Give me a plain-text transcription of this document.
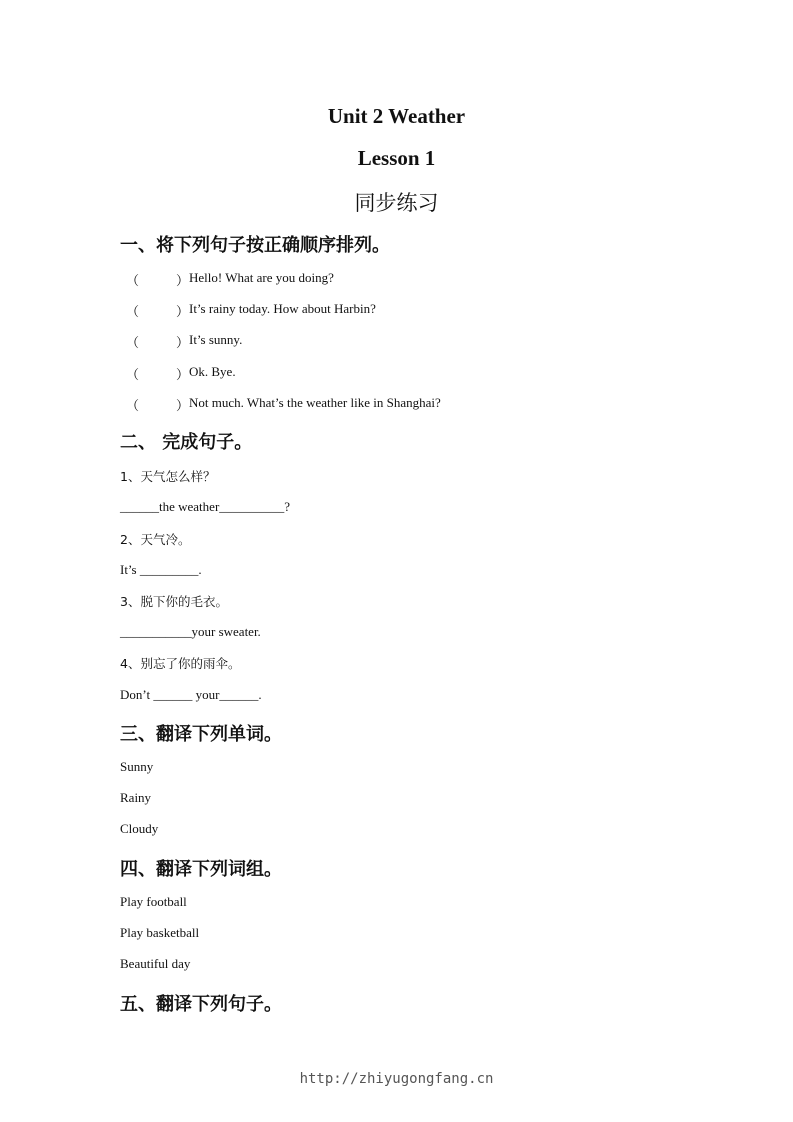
Unit 2 Weather
Lesson 1
同步练习

一、将下列句子按正确顺序排列。

（	） Hello! What are you doing?
（	） It’s rainy today. How about Harbin?
（	） It’s sunny.
（	） Ok. Bye.
（	） Not much. What’s the weather like in Shanghai?

二、 完成句子。

1、天气怎么样？

______the weather__________?

2、天气冷。

It’s _________.

3、脱下你的毛衣。

___________your sweater.

4、别忘了你的雨伞。

Don’t ______ your______.

三、翻译下列单词。

Sunny

Rainy

Cloudy

四、翻译下列词组。

Play football

Play basketball

Beautiful day

五、翻译下列句子。

http://zhiyugongfang.cn
